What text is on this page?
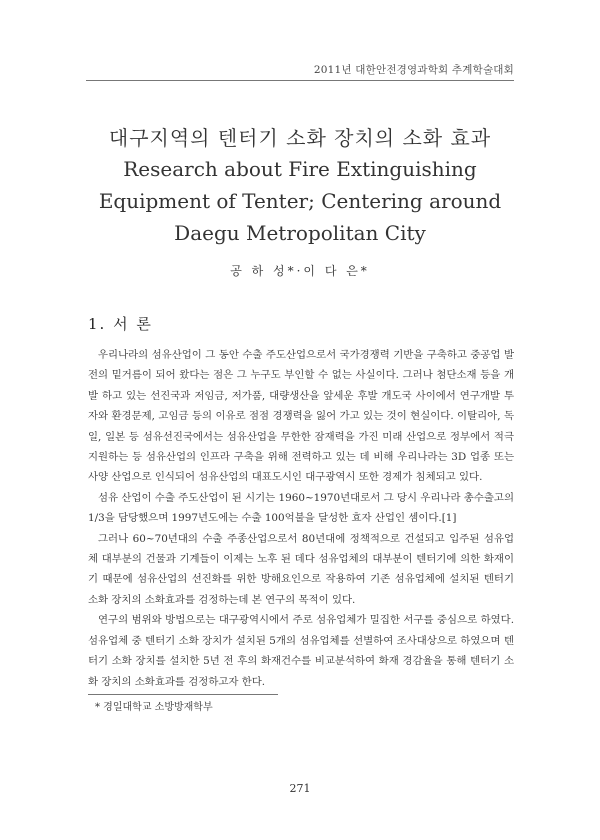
2011년 대한안전경영과학회 추계학술대회

대구지역의 텐터기 소화 장치의 소화 효과

Research about Fire Extinguishing

Equipment of Tenter; Centering around

Daegu Metropolitan City

공 하 성*·이 다 은*
1. 서 론

우리나라의 섬유산업이 그 동안 수출 주도산업으로서 국가경쟁력 기반을 구축하고 중공업 발전의 밑거름이 되어 왔다는 점은 그 누구도 부인할 수 없는 사실이다. 그러나 첨단소재 등을 개발 하고 있는 선진국과 저임금, 저가품, 대량생산을 앞세운 후발 개도국 사이에서 연구개발 투자와 환경문제, 고임금 등의 이유로 점점 경쟁력을 잃어 가고 있는 것이 현실이다. 이탈리아, 독일, 일본 등 섬유선진국에서는 섬유산업을 무한한 잠재력을 가진 미래 산업으로 정부에서 적극 지원하는 등 섬유산업의 인프라 구축을 위해 전력하고 있는 데 비해 우리나라는 3D 업종 또는 사양 산업으로 인식되어 섬유산업의 대표도시인 대구광역시 또한 경제가 침체되고 있다.

섬유 산업이 수출 주도산업이 된 시기는 1960~1970년대로서 그 당시 우리나라 총수출고의 1/3을 담당했으며 1997년도에는 수출 100억불을 달성한 효자 산업인 셈이다.[1]

그러나 60~70년대의 수출 주종산업으로서 80년대에 정책적으로 건설되고 입주된 섬유업체 대부분의 건물과 기계들이 이제는 노후 된 데다 섬유업체의 대부분이 텐터기에 의한 화재이기 때문에 섬유산업의 선진화를 위한 방해요인으로 작용하여 기존 섬유업체에 설치된 텐터기 소화 장치의 소화효과를 검정하는데 본 연구의 목적이 있다.

연구의 범위와 방법으로는 대구광역시에서 주로 섬유업체가 밀집한 서구를 중심으로 하였다. 섬유업체 중 텐터기 소화 장치가 설치된 5개의 섬유업체를 선별하여 조사대상으로 하였으며 텐터기 소화 장치를 설치한 5년 전 후의 화재건수를 비교분석하여 화재 경감율을 통해 텐터기 소화 장치의 소화효과를 검정하고자 한다.

* 경일대학교 소방방재학부
271
